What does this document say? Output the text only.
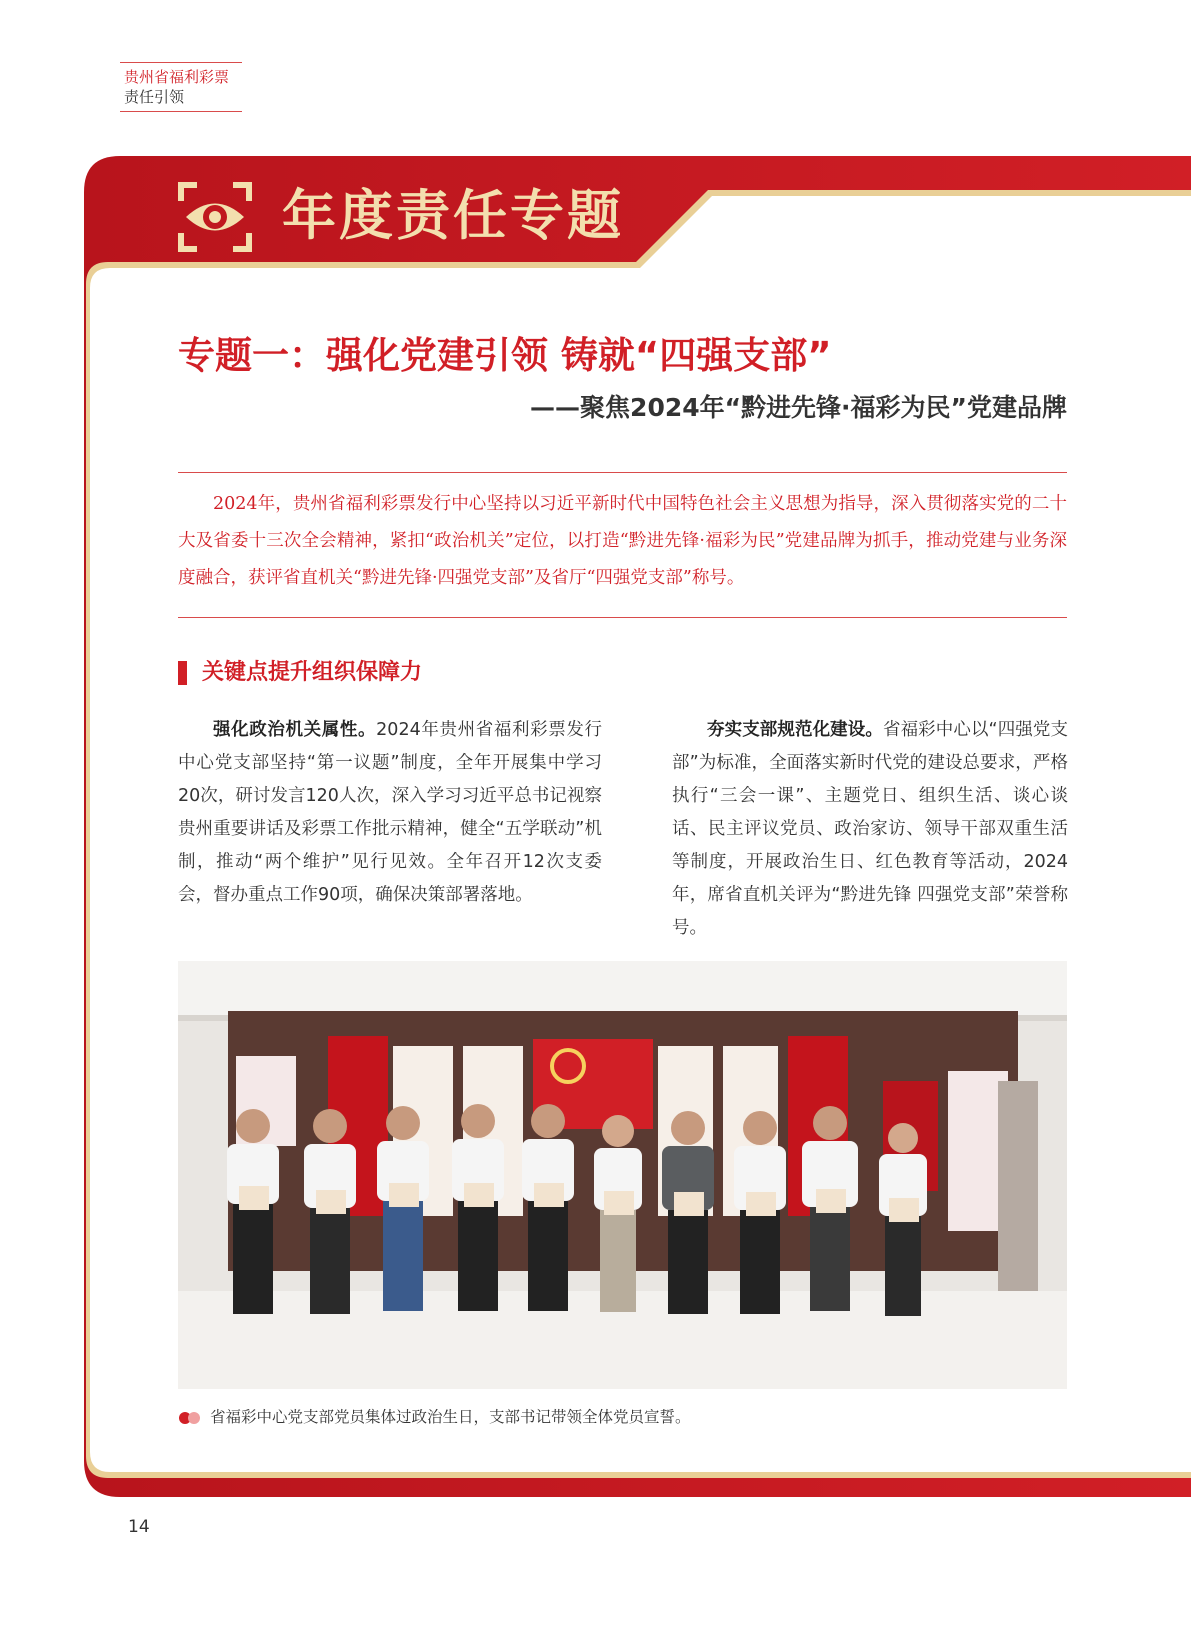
贵州省福利彩票
责任引领
年度责任专题
专题一：强化党建引领 铸就“四强支部”
——聚焦2024年“黔进先锋·福彩为民”党建品牌

2024年，贵州省福利彩票发行中心坚持以习近平新时代中国特色社会主义思想为指导，深入贯彻落实党的二十大及省委十三次全会精神，紧扣“政治机关”定位，以打造“黔进先锋·福彩为民”党建品牌为抓手，推动党建与业务深度融合，获评省直机关“黔进先锋·四强党支部”及省厅“四强党支部”称号。

关键点提升组织保障力

强化政治机关属性。2024年贵州省福利彩票发行中心党支部坚持“第一议题”制度，全年开展集中学习20次，研讨发言120人次，深入学习习近平总书记视察贵州重要讲话及彩票工作批示精神，健全“五学联动”机制，推动“两个维护”见行见效。全年召开12次支委会，督办重点工作90项，确保决策部署落地。

夯实支部规范化建设。省福彩中心以“四强党支部”为标准，全面落实新时代党的建设总要求，严格执行“三会一课”、主题党日、组织生活、谈心谈话、民主评议党员、政治家访、领导干部双重生活等制度，开展政治生日、红色教育等活动，2024年，席省直机关评为“黔进先锋 四强党支部”荣誉称号。

省福彩中心党支部党员集体过政治生日，支部书记带领全体党员宣誓。
14
